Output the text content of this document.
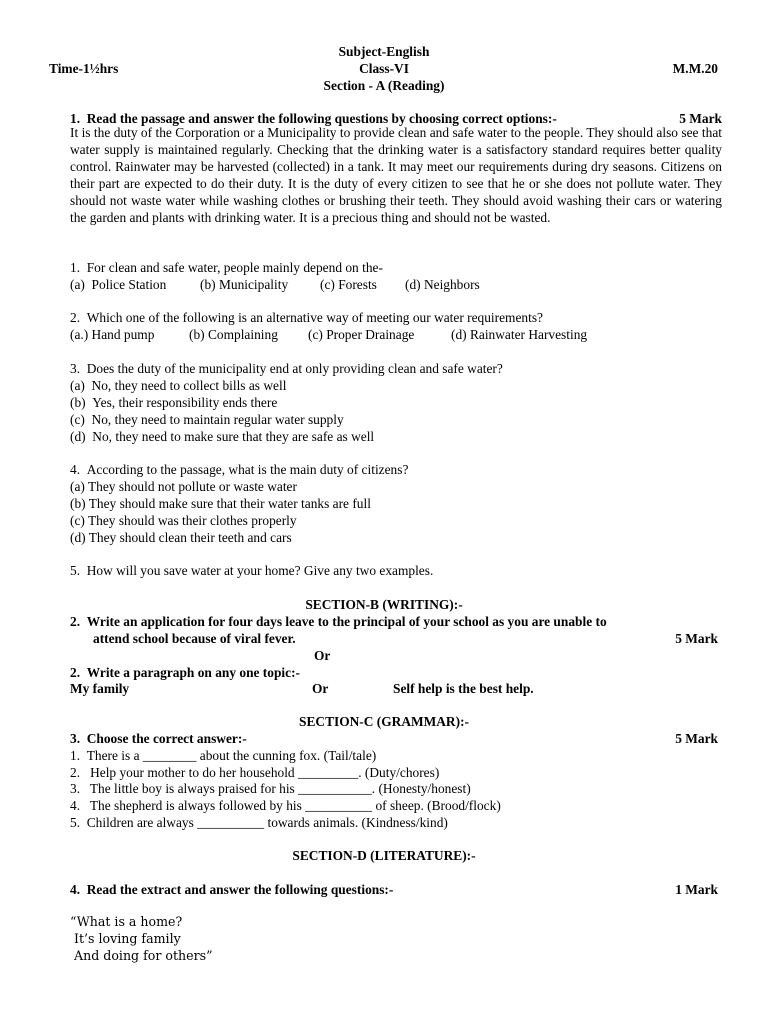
Subject-English
Time-1½hrs	Class-VI	M.M.20
Section - A (Reading)
1. Read the passage and answer the following questions by choosing correct options:-	5 Mark
It is the duty of the Corporation or a Municipality to provide clean and safe water to the people. They should also see that water supply is maintained regularly. Checking that the drinking water is a satisfactory standard requires better quality control. Rainwater may be harvested (collected) in a tank. It may meet our requirements during dry seasons. Citizens on their part are expected to do their duty. It is the duty of every citizen to see that he or she does not pollute water. They should not waste water while washing clothes or brushing their teeth. They should avoid washing their cars or watering the garden and plants with drinking water. It is a precious thing and should not be wasted.
1. For clean and safe water, people mainly depend on the-
(a) Police Station	(b) Municipality (c) Forests (d) Neighbors
2. Which one of the following is an alternative way of meeting our water requirements?
(a.) Hand pump	(b) Complaining (c) Proper Drainage	(d) Rainwater Harvesting
3. Does the duty of the municipality end at only providing clean and safe water?
(a) No, they need to collect bills as well
(b) Yes, their responsibility ends there
(c) No, they need to maintain regular water supply
(d) No, they need to make sure that they are safe as well
4. According to the passage, what is the main duty of citizens?
(a) They should not pollute or waste water
(b) They should make sure that their water tanks are full
(c) They should was their clothes properly
(d) They should clean their teeth and cars
5. How will you save water at your home? Give any two examples.
SECTION-B (WRITING):-
2. Write an application for four days leave to the principal of your school as you are unable to
attend school because of viral fever.	5 Mark
Or
2. Write a paragraph on any one topic:-
My family	Or	Self help is the best help.
SECTION-C (GRAMMAR):-
3. Choose the correct answer:-	5 Mark
1. There is a ________ about the cunning fox. (Tail/tale)
2.  Help your mother to do her household _________. (Duty/chores)
3.  The little boy is always praised for his ___________. (Honesty/honest)
4.  The shepherd is always followed by his __________ of sheep. (Brood/flock)
5. Children are always __________ towards animals. (Kindness/kind)
SECTION-D (LITERATURE):-
4. Read the extract and answer the following questions:-	1 Mark
“What is a home?
It’s loving family
And doing for others”
